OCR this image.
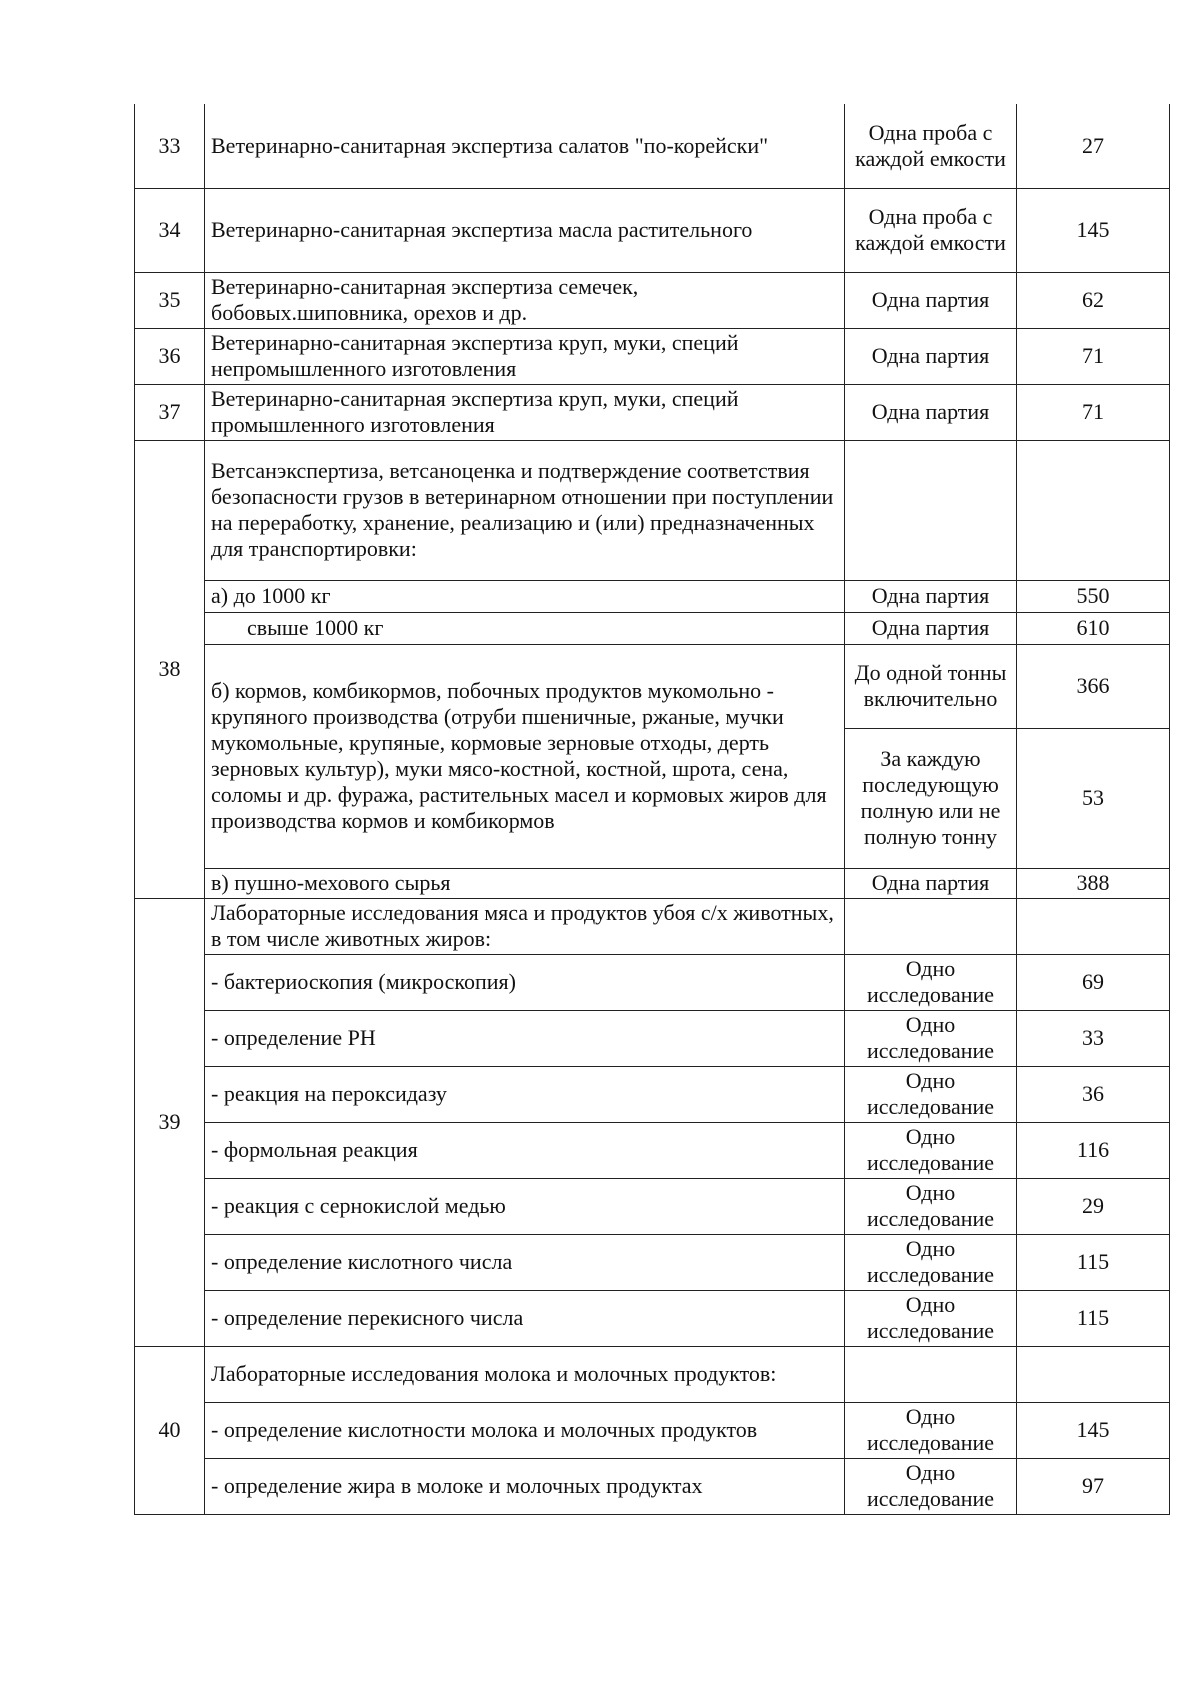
33	Ветеринарно-санитарная экспертиза салатов "по-корейски"	Одна проба с каждой емкости	27
34	Ветеринарно-санитарная экспертиза масла растительного	Одна проба с каждой емкости	145
35	Ветеринарно-санитарная экспертиза семечек, бобовых.шиповника, орехов и др.	Одна партия	62
36	Ветеринарно-санитарная экспертиза круп, муки, специй непромышленного изготовления	Одна партия	71
37	Ветеринарно-санитарная экспертиза круп, муки, специй промышленного изготовления	Одна партия	71
38	Ветсанэкспертиза, ветсаноценка и подтверждение соответствия безопасности грузов в ветеринарном отношении при поступлении на переработку, хранение, реализацию и (или) предназначенных для транспортировки:		
	а) до 1000 кг	Одна партия	550
	свыше 1000 кг	Одна партия	610
	б) кормов, комбикормов, побочных продуктов мукомольно - крупяного производства (отруби пшеничные, ржаные, мучки мукомольные, крупяные, кормовые зерновые отходы, дерть зерновых культур), муки мясо-костной, костной, шрота, сена, соломы и др. фуража, растительных масел и кормовых жиров для производства кормов и комбикормов	До одной тонны включительно	366
		За каждую последующую полную или не полную тонну	53
	в) пушно-мехового сырья	Одна партия	388
39	Лабораторные исследования мяса и продуктов убоя с/х животных, в том числе животных жиров:		
	- бактериоскопия (микроскопия)	Одно исследование	69
	- определение РН	Одно исследование	33
	- реакция на пероксидазу	Одно исследование	36
	- формольная реакция	Одно исследование	116
	- реакция с сернокислой медью	Одно исследование	29
	- определение кислотного числа	Одно исследование	115
	- определение перекисного числа	Одно исследование	115
40	Лабораторные исследования молока и молочных продуктов:		
	- определение кислотности молока и молочных продуктов	Одно исследование	145
	- определение жира в молоке и молочных продуктах	Одно исследование	97
